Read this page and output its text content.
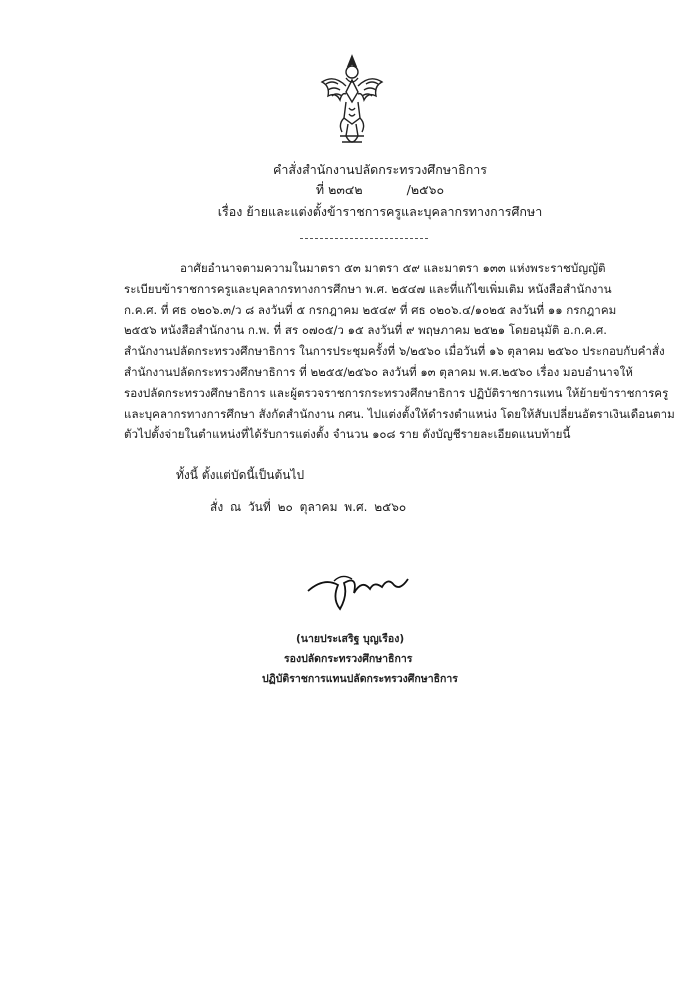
คำสั่งสำนักงานปลัดกระทรวงศึกษาธิการ
ที่ ๒๓๔๒	/๒๕๖๐
เรื่อง ย้ายและแต่งตั้งข้าราชการครูและบุคลากรทางการศึกษา
อาศัยอำนาจตามความในมาตรา ๕๓ มาตรา ๕๙ และมาตรา ๑๓๓ แห่งพระราชบัญญัติ
ระเบียบข้าราชการครูและบุคลากรทางการศึกษา พ.ศ. ๒๕๔๗ และที่แก้ไขเพิ่มเติม หนังสือสำนักงาน
ก.ค.ศ. ที่ ศธ ๐๒๐๖.๓/ว ๘ ลงวันที่ ๕ กรกฎาคม ๒๕๔๙ ที่ ศธ ๐๒๐๖.๔/๑๐๒๕ ลงวันที่ ๑๑ กรกฎาคม
๒๕๕๖ หนังสือสำนักงาน ก.พ. ที่ สร ๐๗๐๕/ว ๑๕ ลงวันที่ ๙ พฤษภาคม ๒๕๒๑ โดยอนุมัติ อ.ก.ค.ศ.
สำนักงานปลัดกระทรวงศึกษาธิการ ในการประชุมครั้งที่ ๖/๒๕๖๐ เมื่อวันที่ ๑๖ ตุลาคม ๒๕๖๐ ประกอบกับคำสั่ง
สำนักงานปลัดกระทรวงศึกษาธิการ ที่ ๒๒๕๕/๒๕๖๐ ลงวันที่ ๑๓ ตุลาคม พ.ศ.๒๕๖๐ เรื่อง มอบอำนาจให้
รองปลัดกระทรวงศึกษาธิการ และผู้ตรวจราชการกระทรวงศึกษาธิการ ปฏิบัติราชการแทน ให้ย้ายข้าราชการครู
และบุคลากรทางการศึกษา สังกัดสำนักงาน กศน. ไปแต่งตั้งให้ดำรงตำแหน่ง โดยให้สับเปลี่ยนอัตราเงินเดือนตาม
ตัวไปตั้งจ่ายในตำแหน่งที่ได้รับการแต่งตั้ง จำนวน ๑๐๘ ราย ดังบัญชีรายละเอียดแนบท้ายนี้
ทั้งนี้ ตั้งแต่บัดนี้เป็นต้นไป
สั่ง ณ วันที่ ๒๐ ตุลาคม พ.ศ. ๒๕๖๐
(นายประเสริฐ บุญเรือง)
รองปลัดกระทรวงศึกษาธิการ
ปฏิบัติราชการแทนปลัดกระทรวงศึกษาธิการ
